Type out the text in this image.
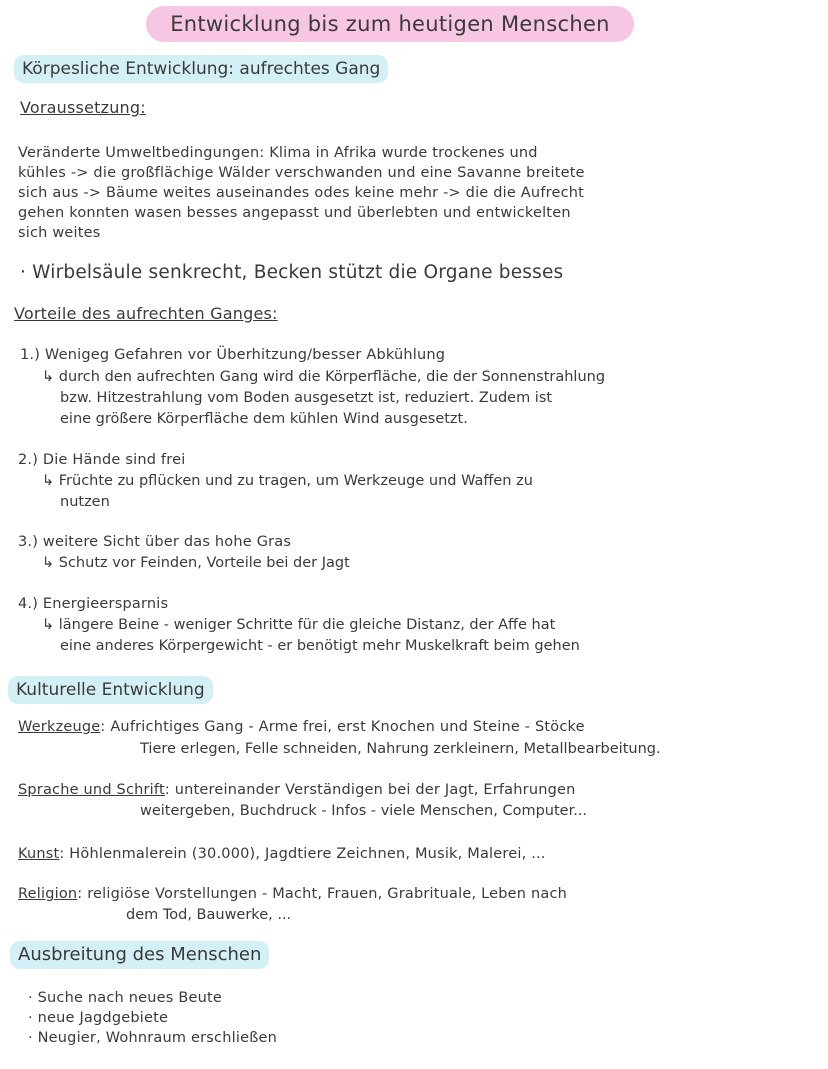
Entwicklung bis zum heutigen Menschen
Körpesliche Entwicklung: aufrechtes Gang
Voraussetzung:
Veränderte Umweltbedingungen: Klima in Afrika wurde trockenes und
kühles -> die großflächige Wälder verschwanden und eine Savanne breitete
sich aus -> Bäume weites auseinandes odes keine mehr -> die die Aufrecht
gehen konnten wasen besses angepasst und überlebten und entwickelten
sich weites
· Wirbelsäule senkrecht, Becken stützt die Organe besses
Vorteile des aufrechten Ganges:
1.) Wenigeg Gefahren vor Überhitzung/besser Abkühlung
↳ durch den aufrechten Gang wird die Körperfläche, die der Sonnenstrahlung
bzw. Hitzestrahlung vom Boden ausgesetzt ist, reduziert. Zudem ist
eine größere Körperfläche dem kühlen Wind ausgesetzt.
2.) Die Hände sind frei
↳ Früchte zu pflücken und zu tragen, um Werkzeuge und Waffen zu
nutzen
3.) weitere Sicht über das hohe Gras
↳ Schutz vor Feinden, Vorteile bei der Jagt
4.) Energieersparnis
↳ längere Beine - weniger Schritte für die gleiche Distanz, der Affe hat
eine anderes Körpergewicht - er benötigt mehr Muskelkraft beim gehen
Kulturelle Entwicklung
Werkzeuge: Aufrichtiges Gang - Arme frei, erst Knochen und Steine - Stöcke
Tiere erlegen, Felle schneiden, Nahrung zerkleinern, Metallbearbeitung.
Sprache und Schrift: untereinander Verständigen bei der Jagt, Erfahrungen
weitergeben, Buchdruck - Infos - viele Menschen, Computer...
Kunst: Höhlenmalerein (30.000), Jagdtiere Zeichnen, Musik, Malerei, ...
Religion: religiöse Vorstellungen - Macht, Frauen, Grabrituale, Leben nach
dem Tod, Bauwerke, ...
Ausbreitung des Menschen
· Suche nach neues Beute
· neue Jagdgebiete
· Neugier, Wohnraum erschließen
